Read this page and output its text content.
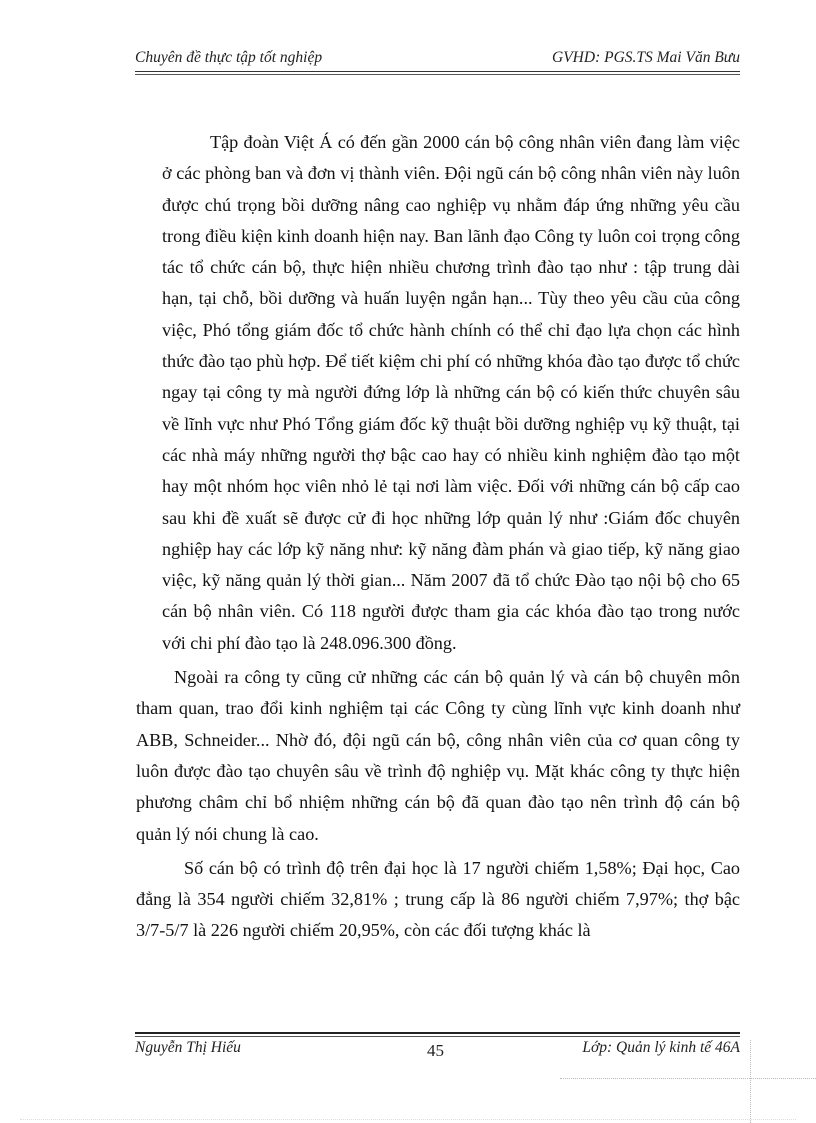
Chuyên đề thực tập tốt nghiệp	GVHD: PGS.TS Mai Văn Bưu

Tập đoàn Việt Á có đến gần 2000 cán bộ công nhân viên đang làm việc ở các phòng ban và đơn vị thành viên. Đội ngũ cán bộ công nhân viên này luôn được chú trọng bồi dưỡng nâng cao nghiệp vụ nhằm đáp ứng những yêu cầu trong điều kiện kinh doanh hiện nay. Ban lãnh đạo Công ty luôn coi trọng công tác tổ chức cán bộ, thực hiện nhiều chương trình đào tạo như : tập trung dài hạn, tại chỗ, bồi dưỡng và huấn luyện ngắn hạn... Tùy theo yêu cầu của công việc, Phó tổng giám đốc tổ chức hành chính có thể chỉ đạo lựa chọn các hình thức đào tạo phù hợp. Để tiết kiệm chi phí có những khóa đào tạo được tổ chức ngay tại công ty mà người đứng lớp là những cán bộ có kiến thức chuyên sâu về lĩnh vực như Phó Tổng giám đốc kỹ thuật bồi dưỡng nghiệp vụ kỹ thuật, tại các nhà máy những người thợ bậc cao hay có nhiều kinh nghiệm đào tạo một hay một nhóm học viên nhỏ lẻ tại nơi làm việc. Đối với những cán bộ cấp cao sau khi đề xuất sẽ được cử đi học những lớp quản lý như :Giám đốc chuyên nghiệp hay các lớp kỹ năng như: kỹ năng đàm phán và giao tiếp, kỹ năng giao việc, kỹ năng quản lý thời gian... Năm 2007 đã tổ chức Đào tạo nội bộ cho 65 cán bộ nhân viên. Có 118 người được tham gia các khóa đào tạo trong nước với chi phí đào tạo là 248.096.300 đồng.

Ngoài ra công ty cũng cử những các cán bộ quản lý và cán bộ chuyên môn tham quan, trao đổi kinh nghiệm tại các Công ty cùng lĩnh vực kinh doanh như ABB, Schneider... Nhờ đó, đội ngũ cán bộ, công nhân viên của cơ quan công ty luôn được đào tạo chuyên sâu về trình độ nghiệp vụ. Mặt khác công ty thực hiện phương châm chỉ bổ nhiệm những cán bộ đã quan đào tạo nên trình độ cán bộ quản lý nói chung là cao.

Số cán bộ có trình độ trên đại học là 17 người chiếm 1,58%; Đại học, Cao đẳng là 354 người chiếm 32,81% ; trung cấp là 86 người chiếm 7,97%; thợ bậc 3/7-5/7 là 226 người chiếm 20,95%, còn các đối tượng khác là

Nguyễn Thị Hiếu	45	Lớp: Quản lý kinh tế 46A
